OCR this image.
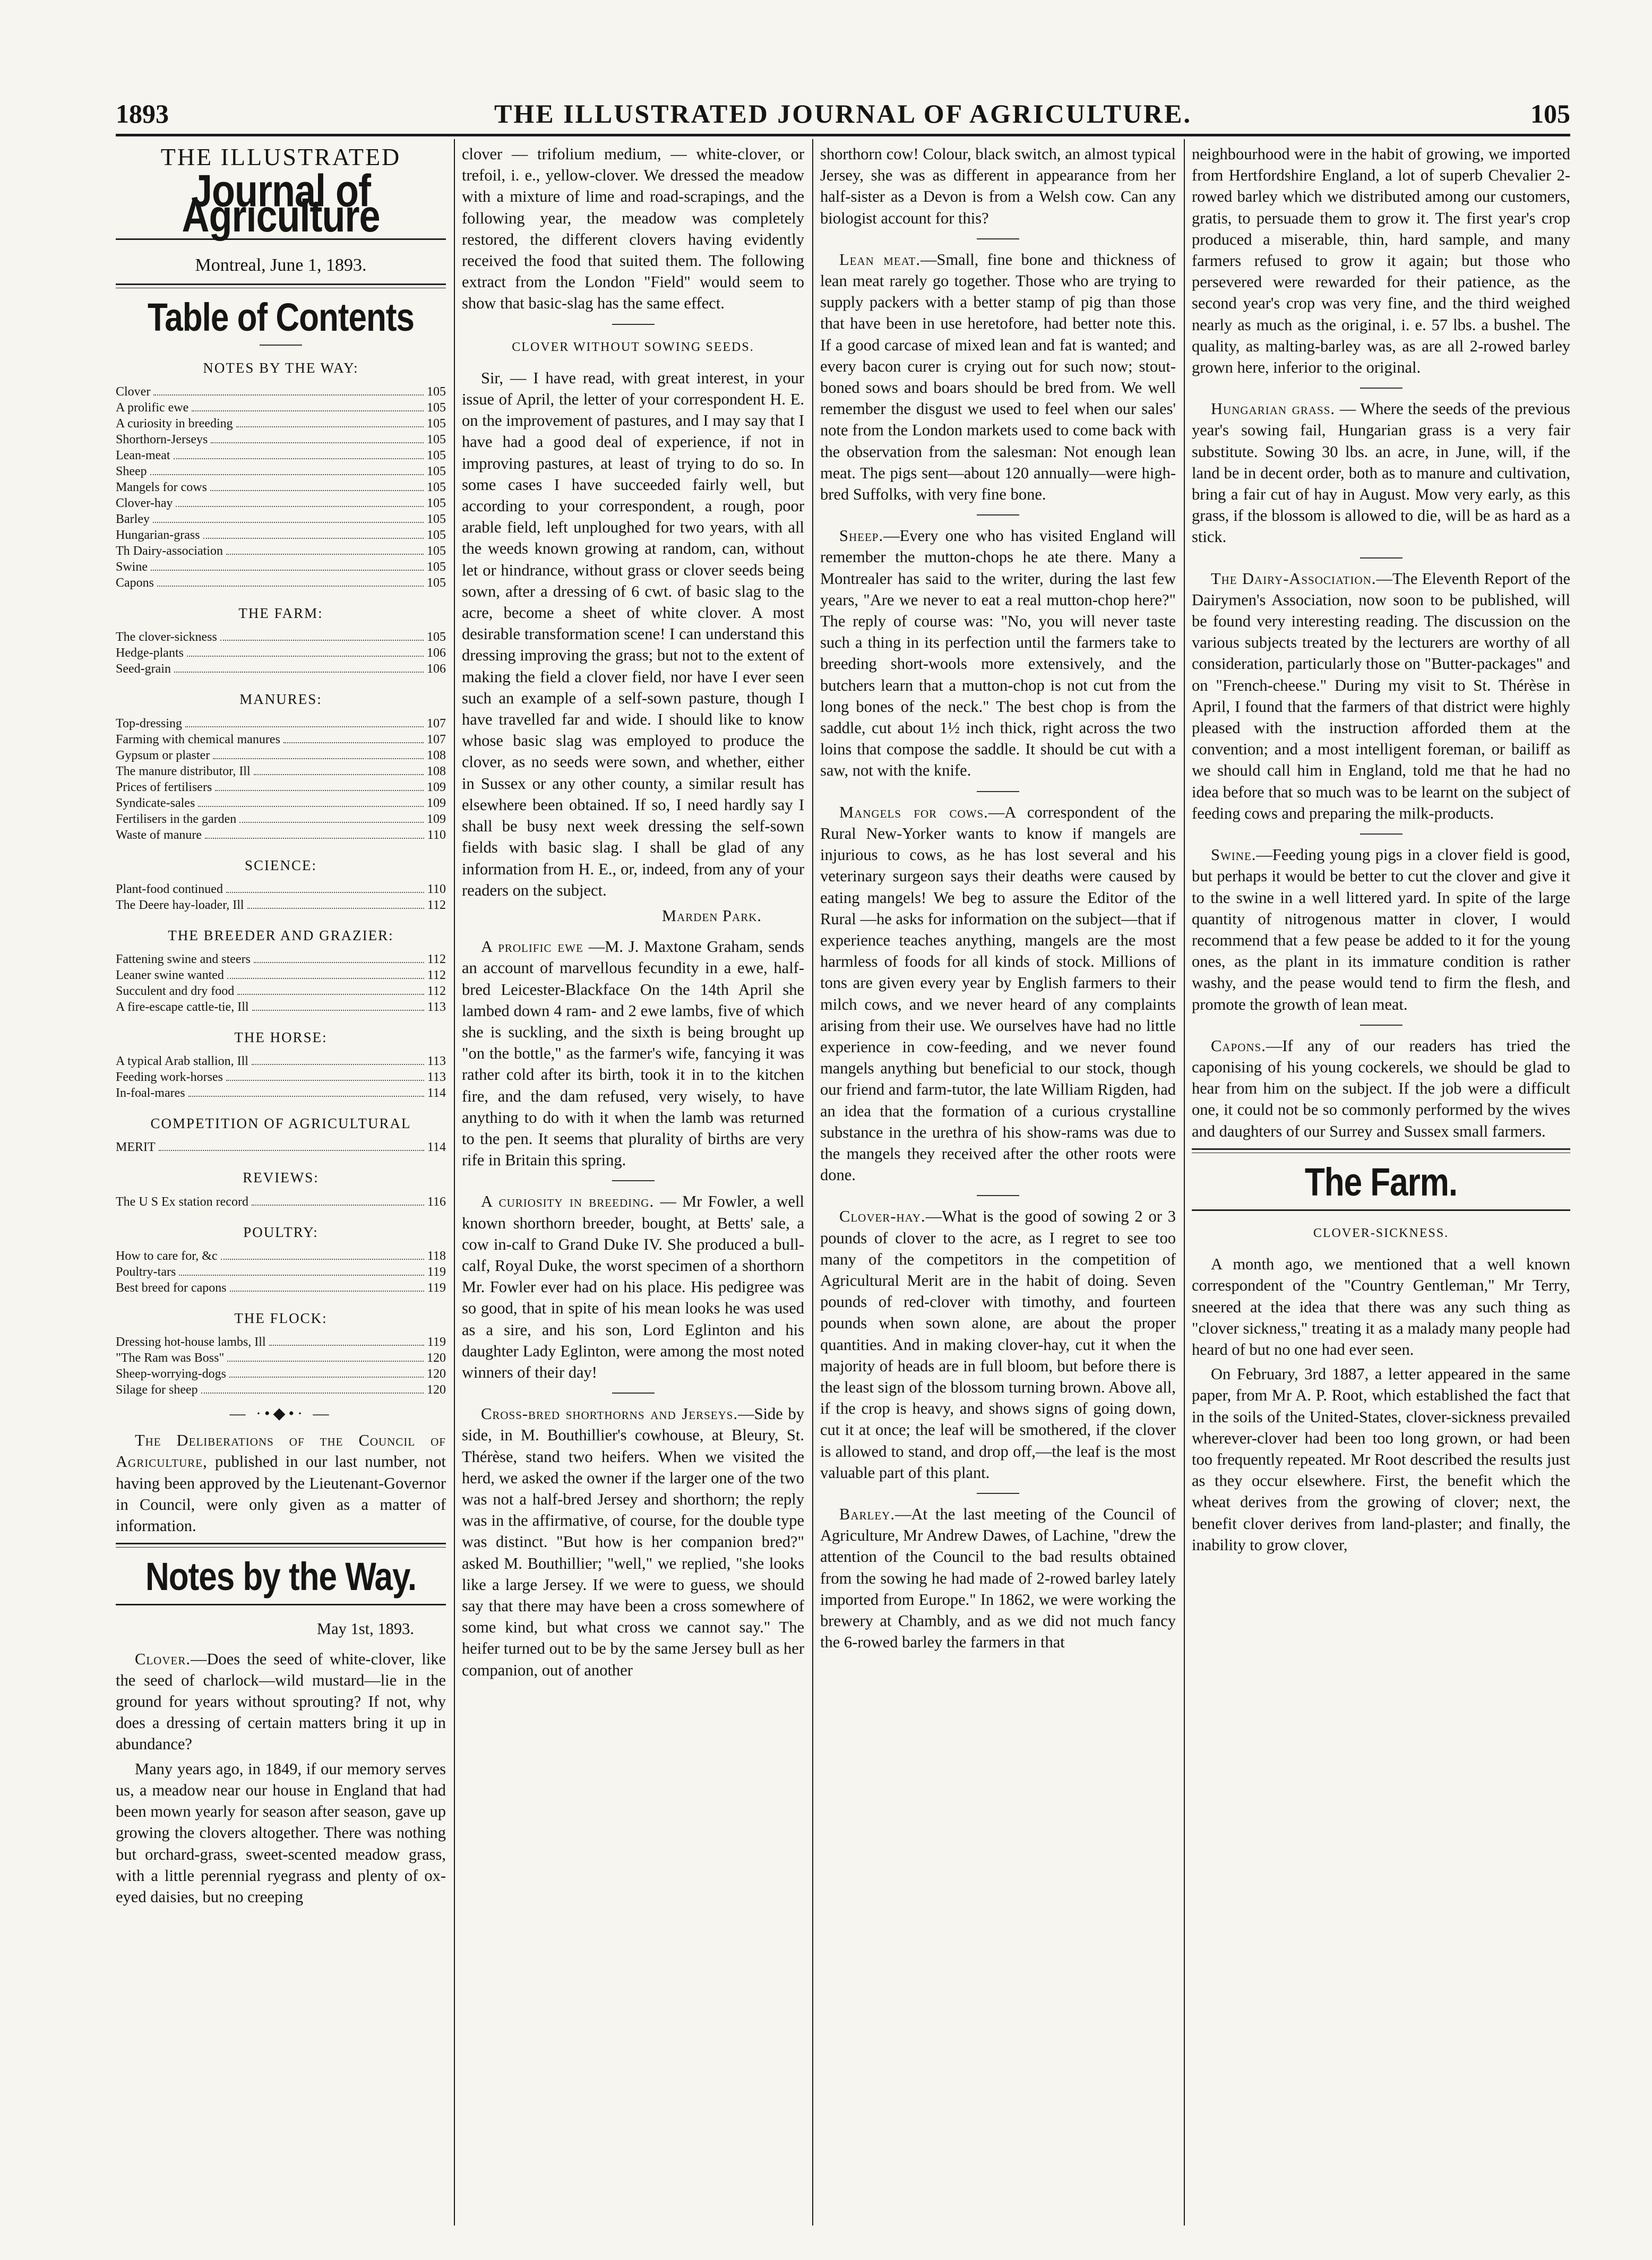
1893	THE ILLUSTRATED JOURNAL OF AGRICULTURE.	105
THE ILLUSTRATED
Journal of Agriculture
Montreal, June 1, 1893.
Table of Contents
NOTES BY THE WAY:
Clover	105
A prolific ewe	105
A curiosity in breeding	105
Shorthorn-Jerseys	105
Lean-meat	105
Sheep	105
Mangels for cows	105
Clover-hay	105
Barley	105
Hungarian-grass	105
Th Dairy-association	105
Swine	105
Capons	105
THE FARM:
The clover-sickness	105
Hedge-plants	106
Seed-grain	106
MANURES:
Top-dressing	107
Farming with chemical manures	107
Gypsum or plaster	108
The manure distributor, Ill	108
Prices of fertilisers	109
Syndicate-sales	109
Fertilisers in the garden	109
Waste of manure	110
SCIENCE:
Plant-food continued	110
The Deere hay-loader, Ill	112
THE BREEDER AND GRAZIER:
Fattening swine and steers	112
Leaner swine wanted	112
Succulent and dry food	112
A fire-escape cattle-tie, Ill	113
THE HORSE:
A typical Arab stallion, Ill	113
Feeding work-horses	113
In-foal-mares	114
COMPETITION OF AGRICULTURAL
MERIT	114
REVIEWS:
The U S Ex station record	116
POULTRY:
How to care for, &c	118
Poultry-tars	119
Best breed for capons	119
THE FLOCK:
Dressing hot-house lambs, Ill	119
"The Ram was Boss"	120
Sheep-worrying-dogs	120
Silage for sheep	120
— ·•◆•· —

The Deliberations of the Council of Agriculture, published in our last number, not having been approved by the Lieutenant-Governor in Council, were only given as a matter of information.

Notes by the Way.
May 1st, 1893.

Clover.—Does the seed of white-clover, like the seed of charlock—wild mustard—lie in the ground for years without sprouting? If not, why does a dressing of certain matters bring it up in abundance?

Many years ago, in 1849, if our memory serves us, a meadow near our house in England that had been mown yearly for season after season, gave up growing the clovers altogether. There was nothing but orchard-grass, sweet-scented meadow grass, with a little perennial ryegrass and plenty of ox-eyed daisies, but no creeping

clover — trifolium medium, — white-clover, or trefoil, i. e., yellow-clover. We dressed the meadow with a mixture of lime and road-scrapings, and the following year, the meadow was completely restored, the different clovers having evidently received the food that suited them. The following extract from the London "Field" would seem to show that basic-slag has the same effect.

CLOVER WITHOUT SOWING SEEDS.

Sir, — I have read, with great interest, in your issue of April, the letter of your correspondent H. E. on the improvement of pastures, and I may say that I have had a good deal of experience, if not in improving pastures, at least of trying to do so. In some cases I have succeeded fairly well, but according to your correspondent, a rough, poor arable field, left unploughed for two years, with all the weeds known growing at random, can, without let or hindrance, without grass or clover seeds being sown, after a dressing of 6 cwt. of basic slag to the acre, become a sheet of white clover. A most desirable transformation scene! I can understand this dressing improving the grass; but not to the extent of making the field a clover field, nor have I ever seen such an example of a self-sown pasture, though I have travelled far and wide. I should like to know whose basic slag was employed to produce the clover, as no seeds were sown, and whether, either in Sussex or any other county, a similar result has elsewhere been obtained. If so, I need hardly say I shall be busy next week dressing the self-sown fields with basic slag. I shall be glad of any information from H. E., or, indeed, from any of your readers on the subject.

Marden Park.

A prolific ewe —M. J. Maxtone Graham, sends an account of marvellous fecundity in a ewe, half-bred Leicester-Blackface On the 14th April she lambed down 4 ram- and 2 ewe lambs, five of which she is suckling, and the sixth is being brought up "on the bottle," as the farmer's wife, fancying it was rather cold after its birth, took it in to the kitchen fire, and the dam refused, very wisely, to have anything to do with it when the lamb was returned to the pen. It seems that plurality of births are very rife in Britain this spring.

A curiosity in breeding. — Mr Fowler, a well known shorthorn breeder, bought, at Betts' sale, a cow in-calf to Grand Duke IV. She produced a bull-calf, Royal Duke, the worst specimen of a shorthorn Mr. Fowler ever had on his place. His pedigree was so good, that in spite of his mean looks he was used as a sire, and his son, Lord Eglinton and his daughter Lady Eglinton, were among the most noted winners of their day!

Cross-bred shorthorns and Jerseys.—Side by side, in M. Bouthillier's cowhouse, at Bleury, St. Thérèse, stand two heifers. When we visited the herd, we asked the owner if the larger one of the two was not a half-bred Jersey and shorthorn; the reply was in the affirmative, of course, for the double type was distinct. "But how is her companion bred?" asked M. Bouthillier; "well," we replied, "she looks like a large Jersey. If we were to guess, we should say that there may have been a cross somewhere of some kind, but what cross we cannot say." The heifer turned out to be by the same Jersey bull as her companion, out of another

shorthorn cow! Colour, black switch, an almost typical Jersey, she was as different in appearance from her half-sister as a Devon is from a Welsh cow. Can any biologist account for this?

Lean meat.—Small, fine bone and thickness of lean meat rarely go together. Those who are trying to supply packers with a better stamp of pig than those that have been in use heretofore, had better note this. If a good carcase of mixed lean and fat is wanted; and every bacon curer is crying out for such now; stout-boned sows and boars should be bred from. We well remember the disgust we used to feel when our sales' note from the London markets used to come back with the observation from the salesman: Not enough lean meat. The pigs sent—about 120 annually—were high-bred Suffolks, with very fine bone.

Sheep.—Every one who has visited England will remember the mutton-chops he ate there. Many a Montrealer has said to the writer, during the last few years, "Are we never to eat a real mutton-chop here?" The reply of course was: "No, you will never taste such a thing in its perfection until the farmers take to breeding short-wools more extensively, and the butchers learn that a mutton-chop is not cut from the long bones of the neck." The best chop is from the saddle, cut about 1½ inch thick, right across the two loins that compose the saddle. It should be cut with a saw, not with the knife.

Mangels for cows.—A correspondent of the Rural New-Yorker wants to know if mangels are injurious to cows, as he has lost several and his veterinary surgeon says their deaths were caused by eating mangels! We beg to assure the Editor of the Rural —he asks for information on the subject—that if experience teaches anything, mangels are the most harmless of foods for all kinds of stock. Millions of tons are given every year by English farmers to their milch cows, and we never heard of any complaints arising from their use. We ourselves have had no little experience in cow-feeding, and we never found mangels anything but beneficial to our stock, though our friend and farm-tutor, the late William Rigden, had an idea that the formation of a curious crystalline substance in the urethra of his show-rams was due to the mangels they received after the other roots were done.

Clover-hay.—What is the good of sowing 2 or 3 pounds of clover to the acre, as I regret to see too many of the competitors in the competition of Agricultural Merit are in the habit of doing. Seven pounds of red-clover with timothy, and fourteen pounds when sown alone, are about the proper quantities. And in making clover-hay, cut it when the majority of heads are in full bloom, but before there is the least sign of the blossom turning brown. Above all, if the crop is heavy, and shows signs of going down, cut it at once; the leaf will be smothered, if the clover is allowed to stand, and drop off,—the leaf is the most valuable part of this plant.

Barley.—At the last meeting of the Council of Agriculture, Mr Andrew Dawes, of Lachine, "drew the attention of the Council to the bad results obtained from the sowing he had made of 2-rowed barley lately imported from Europe." In 1862, we were working the brewery at Chambly, and as we did not much fancy the 6-rowed barley the farmers in that

neighbourhood were in the habit of growing, we imported from Hertfordshire England, a lot of superb Chevalier 2-rowed barley which we distributed among our customers, gratis, to persuade them to grow it. The first year's crop produced a miserable, thin, hard sample, and many farmers refused to grow it again; but those who persevered were rewarded for their patience, as the second year's crop was very fine, and the third weighed nearly as much as the original, i. e. 57 lbs. a bushel. The quality, as malting-barley was, as are all 2-rowed barley grown here, inferior to the original.

Hungarian grass. — Where the seeds of the previous year's sowing fail, Hungarian grass is a very fair substitute. Sowing 30 lbs. an acre, in June, will, if the land be in decent order, both as to manure and cultivation, bring a fair cut of hay in August. Mow very early, as this grass, if the blossom is allowed to die, will be as hard as a stick.

The Dairy-Association.—The Eleventh Report of the Dairymen's Association, now soon to be published, will be found very interesting reading. The discussion on the various subjects treated by the lecturers are worthy of all consideration, particularly those on "Butter-packages" and on "French-cheese." During my visit to St. Thérèse in April, I found that the farmers of that district were highly pleased with the instruction afforded them at the convention; and a most intelligent foreman, or bailiff as we should call him in England, told me that he had no idea before that so much was to be learnt on the subject of feeding cows and preparing the milk-products.

Swine.—Feeding young pigs in a clover field is good, but perhaps it would be better to cut the clover and give it to the swine in a well littered yard. In spite of the large quantity of nitrogenous matter in clover, I would recommend that a few pease be added to it for the young ones, as the plant in its immature condition is rather washy, and the pease would tend to firm the flesh, and promote the growth of lean meat.

Capons.—If any of our readers has tried the caponising of his young cockerels, we should be glad to hear from him on the subject. If the job were a difficult one, it could not be so commonly performed by the wives and daughters of our Surrey and Sussex small farmers.

The Farm.
CLOVER-SICKNESS.

A month ago, we mentioned that a well known correspondent of the "Country Gentleman," Mr Terry, sneered at the idea that there was any such thing as "clover sickness," treating it as a malady many people had heard of but no one had ever seen.

On February, 3rd 1887, a letter appeared in the same paper, from Mr A. P. Root, which established the fact that in the soils of the United-States, clover-sickness prevailed wherever-clover had been too long grown, or had been too frequently repeated. Mr Root described the results just as they occur elsewhere. First, the benefit which the wheat derives from the growing of clover; next, the benefit clover derives from land-plaster; and finally, the inability to grow clover,
